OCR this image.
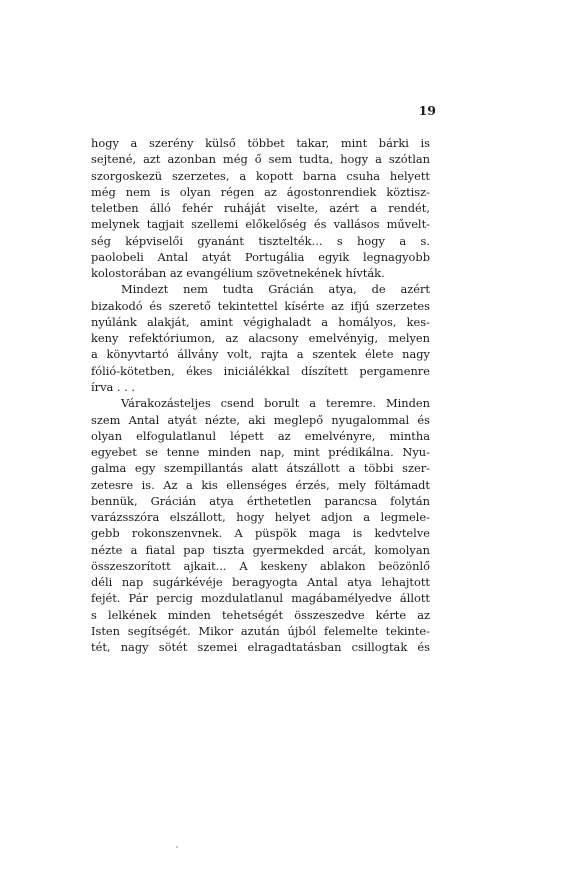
19
hogy a szerény külső többet takar, mint bárki is
sejtené, azt azonban még ő sem tudta, hogy a szótlan
szorgoskezü szerzetes, a kopott barna csuha helyett
még nem is olyan régen az ágostonrendiek köztisz-
teletben álló fehér ruháját viselte, azért a rendét,
melynek tagjait szellemi előkelőség és vallásos művelt-
ség képviselői gyanánt tisztelték... s hogy a s.
paolobeli Antal atyát Portugália egyik legnagyobb
kolostorában az evangélium szövetnekének hívták.
Mindezt nem tudta Grácián atya, de azért
bizakodó és szerető tekintettel kísérte az ifjú szerzetes
nyúlánk alakját, amint végighaladt a homályos, kes-
keny refektóriumon, az alacsony emelvényig, melyen
a könyvtartó állvány volt, rajta a szentek élete nagy
fólió-kötetben, ékes iniciálékkal díszített pergamenre
írva . . .
Várakozásteljes csend borult a teremre. Minden
szem Antal atyát nézte, aki meglepő nyugalommal és
olyan elfogulatlanul lépett az emelvényre, mintha
egyebet se tenne minden nap, mint prédikálna. Nyu-
galma egy szempillantás alatt átszállott a többi szer-
zetesre is. Az a kis ellenséges érzés, mely föltámadt
bennük, Grácián atya érthetetlen parancsa folytán
varázsszóra elszállott, hogy helyet adjon a legmele-
gebb rokonszenvnek. A püspök maga is kedvtelve
nézte a fiatal pap tiszta gyermekded arcát, komolyan
összeszorított ajkait... A keskeny ablakon beözönlő
déli nap sugárkévéje beragyogta Antal atya lehajtott
fejét. Pár percig mozdulatlanul magábamélyedve állott
s lelkének minden tehetségét összeszedve kérte az
Isten segítségét. Mikor azután újból felemelte tekinte-
tét, nagy sötét szemei elragadtatásban csillogtak és
